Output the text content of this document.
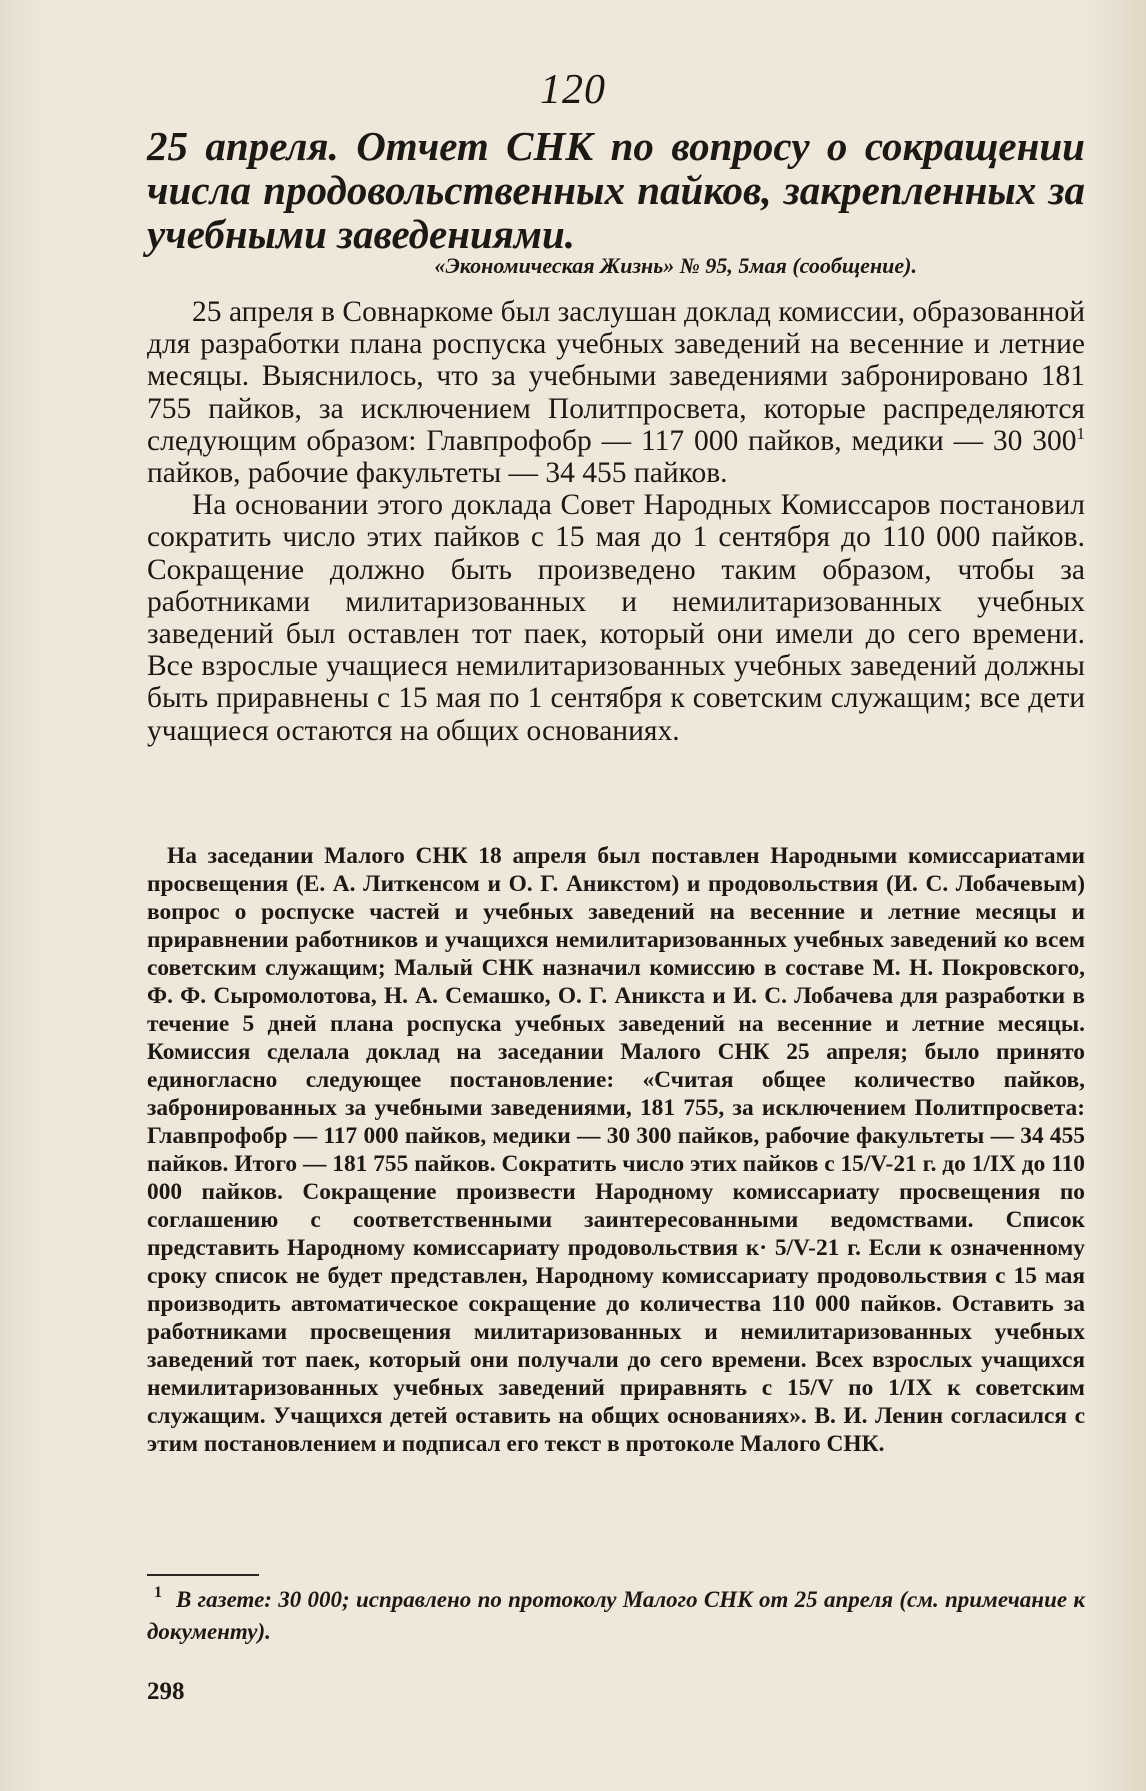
120
25 апреля. Отчет СНК по вопросу о сокращении числа продовольственных пайков, закрепленных за учебными заведениями.
«Экономическая Жизнь» № 95, 5мая (сообщение).

25 апреля в Совнаркоме был заслушан доклад комиссии, образованной для разработки плана роспуска учебных заведений на весенние и летние месяцы. Выяснилось, что за учебными заведениями забронировано 181 755 пайков, за исключением Политпросвета, которые распределяются следующим образом: Главпрофобр — 117 000 пайков, медики — 30 $300^1$ пайков, рабочие факультеты — 34 455 пайков.

На основании этого доклада Совет Народных Комиссаров постановил сократить число этих пайков с 15 мая до 1 сентября до 110 000 пайков. Сокращение должно быть произведено таким образом, чтобы за работниками милитаризованных и немилитаризованных учебных заведений был оставлен тот паек, который они имели до сего времени. Все взрослые учащиеся немилитаризованных учебных заведений должны быть приравнены с 15 мая по 1 сентября к советским служащим; все дети учащиеся остаются на общих основаниях.

На заседании Малого СНК 18 апреля был поставлен Народными комиссариатами просвещения (Е. А. Литкенсом и О. Г. Аникстом) и продовольствия (И. С. Лобачевым) вопрос о роспуске частей и учебных заведений на весенние и летние месяцы и приравнении работников и учащихся немилитаризованных учебных заведений ко всем советским служащим; Малый СНК назначил комиссию в составе М. Н. Покровского, Ф. Ф. Сыромолотова, Н. А. Семашко, О. Г. Аникста и И. С. Лобачева для разработки в течение 5 дней плана роспуска учебных заведений на весенние и летние месяцы. Комиссия сделала доклад на заседании Малого СНК 25 апреля; было принято единогласно следующее постановление: «Считая общее количество пайков, забронированных за учебными заведениями, 181 755, за исключением Политпросвета: Главпрофобр — 117 000 пайков, медики — 30 300 пайков, рабочие факультеты — 34 455 пайков. Итого — 181 755 пайков. Сократить число этих пайков с 15/V-21 г. до 1/IX до 110 000 пайков. Сокращение произвести Народному комиссариату просвещения по соглашению с соответственными заинтересованными ведомствами. Список представить Народному комиссариату продовольствия к· 5/V-21 г. Если к означенному сроку список не будет представлен, Народному комиссариату продовольствия с 15 мая производить автоматическое сокращение до количества 110 000 пайков. Оставить за работниками просвещения милитаризованных и немилитаризованных учебных заведений тот паек, который они получали до сего времени. Всех взрослых учащихся немилитаризованных учебных заведений приравнять с 15/V по 1/IX к советским служащим. Учащихся детей оставить на общих основаниях». В. И. Ленин согласился с этим постановлением и подписал его текст в протоколе Малого СНК.

$^1$ В газете: 30 000; исправлено по протоколу Малого СНК от 25 апреля (см. примечание к документу).

298
